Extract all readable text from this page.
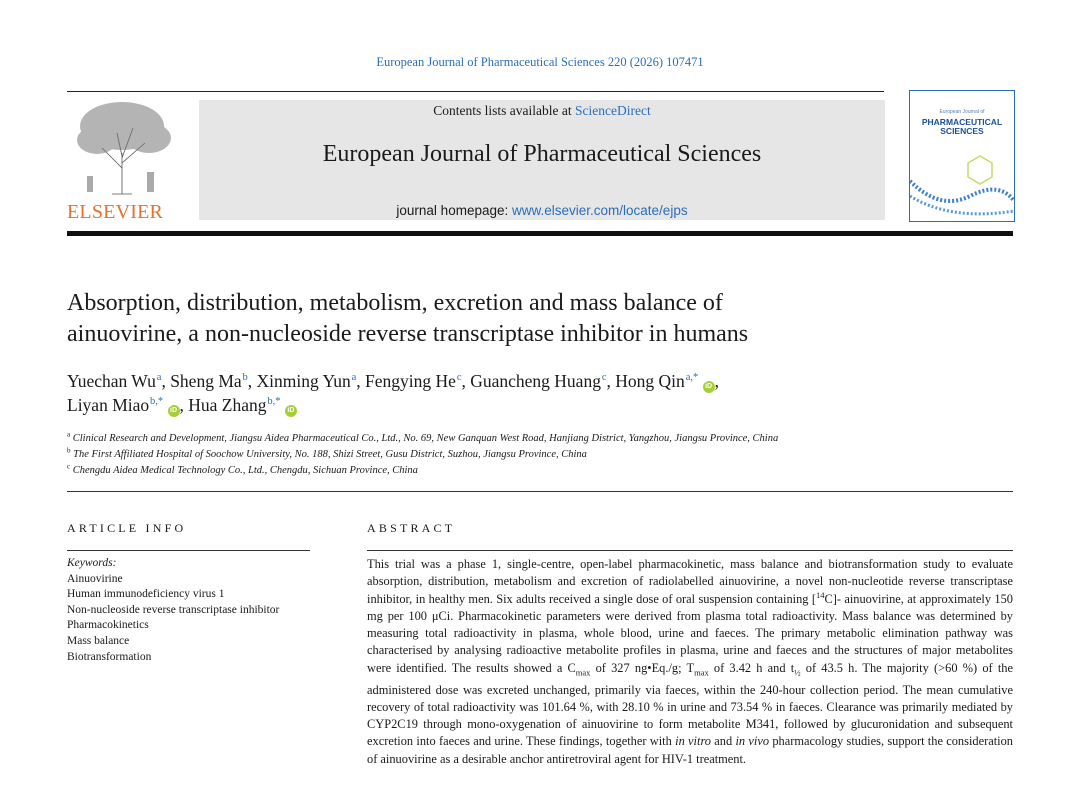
European Journal of Pharmaceutical Sciences 220 (2026) 107471
ELSEVIER
Contents lists available at ScienceDirect
European Journal of Pharmaceutical Sciences
journal homepage: www.elsevier.com/locate/ejps
European Journal of
PHARMACEUTICAL
SCIENCES
Absorption, distribution, metabolism, excretion and mass balance of
ainuovirine, a non-nucleoside reverse transcriptase inhibitor in humans
Yuechan Wu $^a$, Sheng Ma $^b$, Xinming Yun $^a$, Fengying He $^c$, Guancheng Huang $^c$, Hong Qin $^{a,*}$ iD ,
Liyan Miao $^{b,*}$ iD , Hua Zhang $^{b,*}$ iD
$^a$ Clinical Research and Development, Jiangsu Aidea Pharmaceutical Co., Ltd., No. 69, New Ganquan West Road, Hanjiang District, Yangzhou, Jiangsu Province, China
$^b$ The First Affiliated Hospital of Soochow University, No. 188, Shizi Street, Gusu District, Suzhou, Jiangsu Province, China
$^c$ Chengdu Aidea Medical Technology Co., Ltd., Chengdu, Sichuan Province, China
ARTICLE INFO
Keywords:
Ainuovirine
Human immunodeficiency virus 1
Non-nucleoside reverse transcriptase inhibitor
Pharmacokinetics
Mass balance
Biotransformation
ABSTRACT
This trial was a phase 1, single-centre, open-label pharmacokinetic, mass balance and biotransformation study to evaluate absorption, distribution, metabolism and excretion of radiolabelled ainuovirine, a novel non-nucleotide reverse transcriptase inhibitor, in healthy men. Six adults received a single dose of oral suspension containing [$^{14}$C]- ainuovirine, at approximately 150 mg per 100 μCi. Pharmacokinetic parameters were derived from plasma total radioactivity. Mass balance was determined by measuring total radioactivity in plasma, whole blood, urine and faeces. The primary metabolic elimination pathway was characterised by analysing radioactive metabolite profiles in plasma, urine and faeces and the structures of major metabolites were identified. The results showed a $C_{max}$ of 327 ng•Eq./g; $T_{max}$ of 3.42 h and $t_{\frac{1}{2}}$ of 43.5 h. The majority (>60 %) of the administered dose was excreted unchanged, primarily via faeces, within the 240-hour collection period. The mean cumulative recovery of total radioactivity was 101.64 %, with 28.10 % in urine and 73.54 % in faeces. Clearance was primarily mediated by CYP2C19 through mono-oxygenation of ainuovirine to form metabolite M341, followed by glucuronidation and subsequent excretion into faeces and urine. These findings, together with in vitro and in vivo pharmacology studies, support the consideration of ainuovirine as a desirable anchor antiretroviral agent for HIV-1 treatment.
